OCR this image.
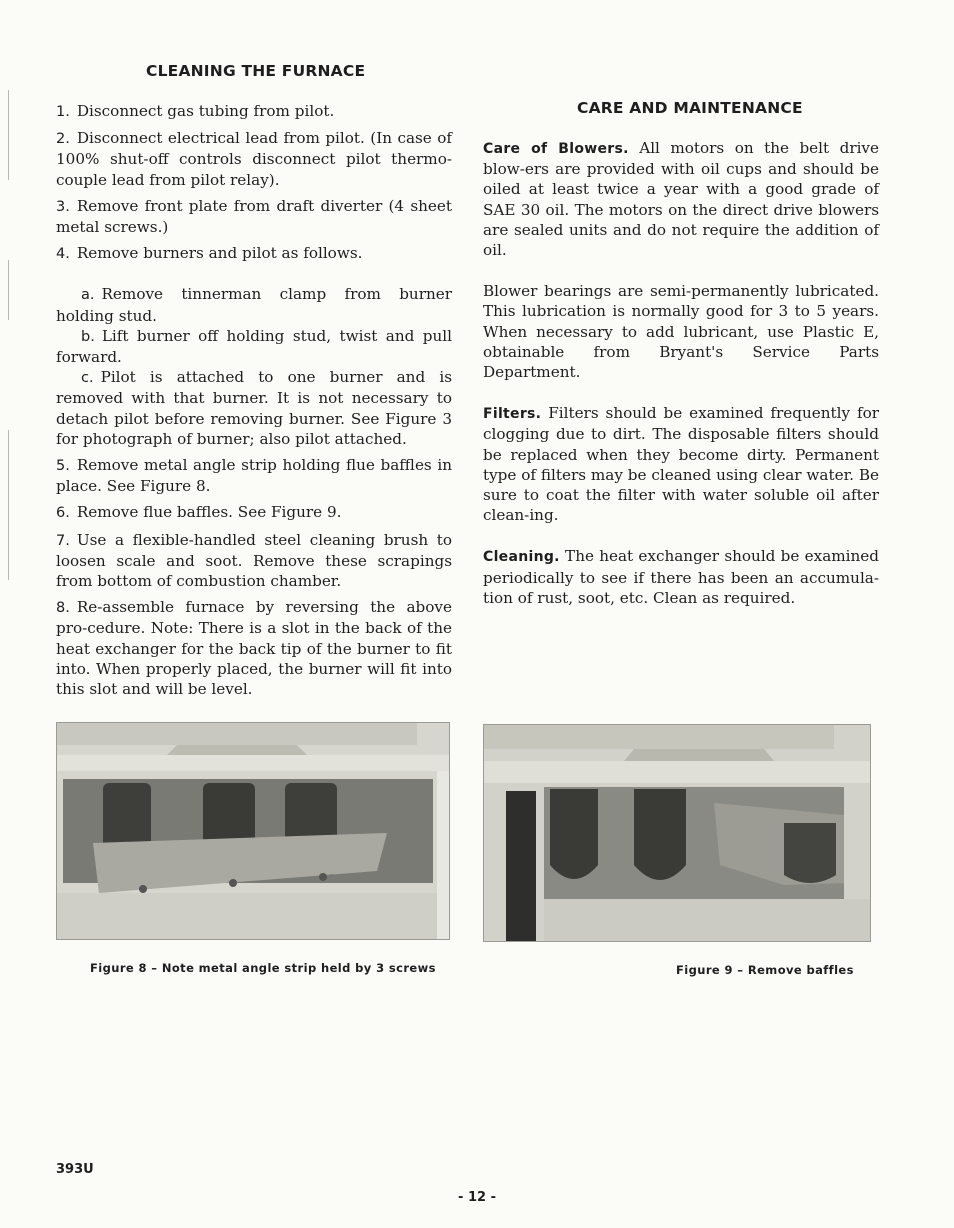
CLEANING THE FURNACE

1. Disconnect gas tubing from pilot.

2. Disconnect electrical lead from pilot. (In case of 100% shut-off controls disconnect pilot thermo-couple lead from pilot relay).

3. Remove front plate from draft diverter (4 sheet metal screws.)

4. Remove burners and pilot as follows.

a. Remove tinnerman clamp from burner holding stud.

b. Lift burner off holding stud, twist and pull forward.

c. Pilot is attached to one burner and is removed with that burner. It is not necessary to detach pilot before removing burner. See Figure 3 for photograph of burner; also pilot attached.

5. Remove metal angle strip holding flue baffles in place. See Figure 8.

6. Remove flue baffles. See Figure 9.

7. Use a flexible-handled steel cleaning brush to loosen scale and soot. Remove these scrapings from bottom of combustion chamber.

8. Re-assemble furnace by reversing the above pro-cedure. Note: There is a slot in the back of the heat exchanger for the back tip of the burner to fit into. When properly placed, the burner will fit into this slot and will be level.

CARE AND MAINTENANCE

Care of Blowers. All motors on the belt drive blow-ers are provided with oil cups and should be oiled at least twice a year with a good grade of SAE 30 oil. The motors on the direct drive blowers are sealed units and do not require the addition of oil.

Blower bearings are semi-permanently lubricated. This lubrication is normally good for 3 to 5 years. When necessary to add lubricant, use Plastic E, obtainable from Bryant's Service Parts Department.

Filters. Filters should be examined frequently for clogging due to dirt. The disposable filters should be replaced when they become dirty. Permanent type of filters may be cleaned using clear water. Be sure to coat the filter with water soluble oil after clean-ing.

Cleaning. The heat exchanger should be examined periodically to see if there has been an accumula-tion of rust, soot, etc. Clean as required.

Figure 8 – Note metal angle strip held by 3 screws	Figure 9 – Remove baffles
393U
- 12 -
